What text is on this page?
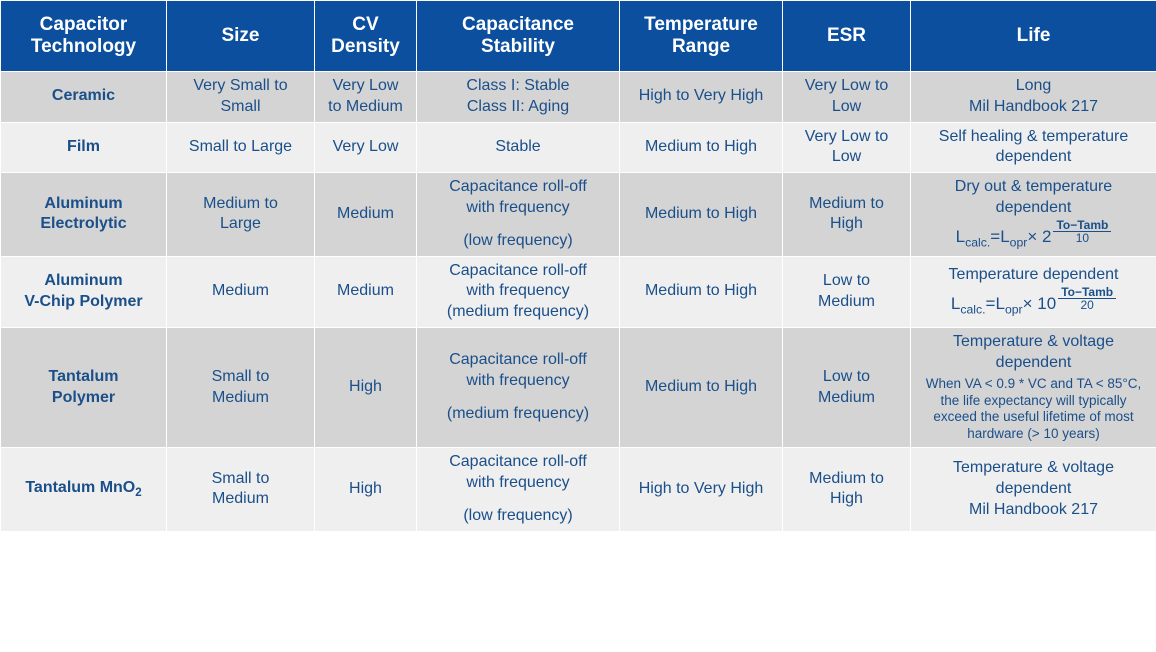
Capacitor Technology	Size	CV Density	Capacitance Stability	Temperature Range	ESR	Life
Ceramic	Very Small to
Small	Very Low
to Medium	Class I: Stable
Class II: Aging	High to Very High	Very Low to
Low	Long
Mil Handbook 217

Film	Small to Large	Very Low	Stable	Medium to High	Very Low to
Low	Self healing & temperature
dependent

Aluminum
Electrolytic	Medium to
Large	Medium	Capacitance roll-off
with frequency
(low frequency)	Medium to High	Medium to
High	Dry out & temperature
dependent
$L_{calc.}=L_{opr}\times 2 \frac{\text{To−Tamb}}{10}$

Aluminum
V-Chip Polymer	Medium	Medium	Capacitance roll-off
with frequency
(medium frequency)	Medium to High	Low to
Medium	Temperature dependent
$L_{calc.}=L_{opr}\times 10 \frac{\text{To−Tamb}}{20}$

Tantalum
Polymer	Small to
Medium	High	Capacitance roll-off
with frequency
(medium frequency)	Medium to High	Low to
Medium	Temperature & voltage
dependent
When VA < 0.9 * VC and TA < 85°C, the life expectancy will typically exceed the useful lifetime of most hardware (> 10 years)

Tantalum MnO$_2$	Small to
Medium	High	Capacitance roll-off
with frequency
(low frequency)	High to Very High	Medium to
High	Temperature & voltage
dependent
Mil Handbook 217
